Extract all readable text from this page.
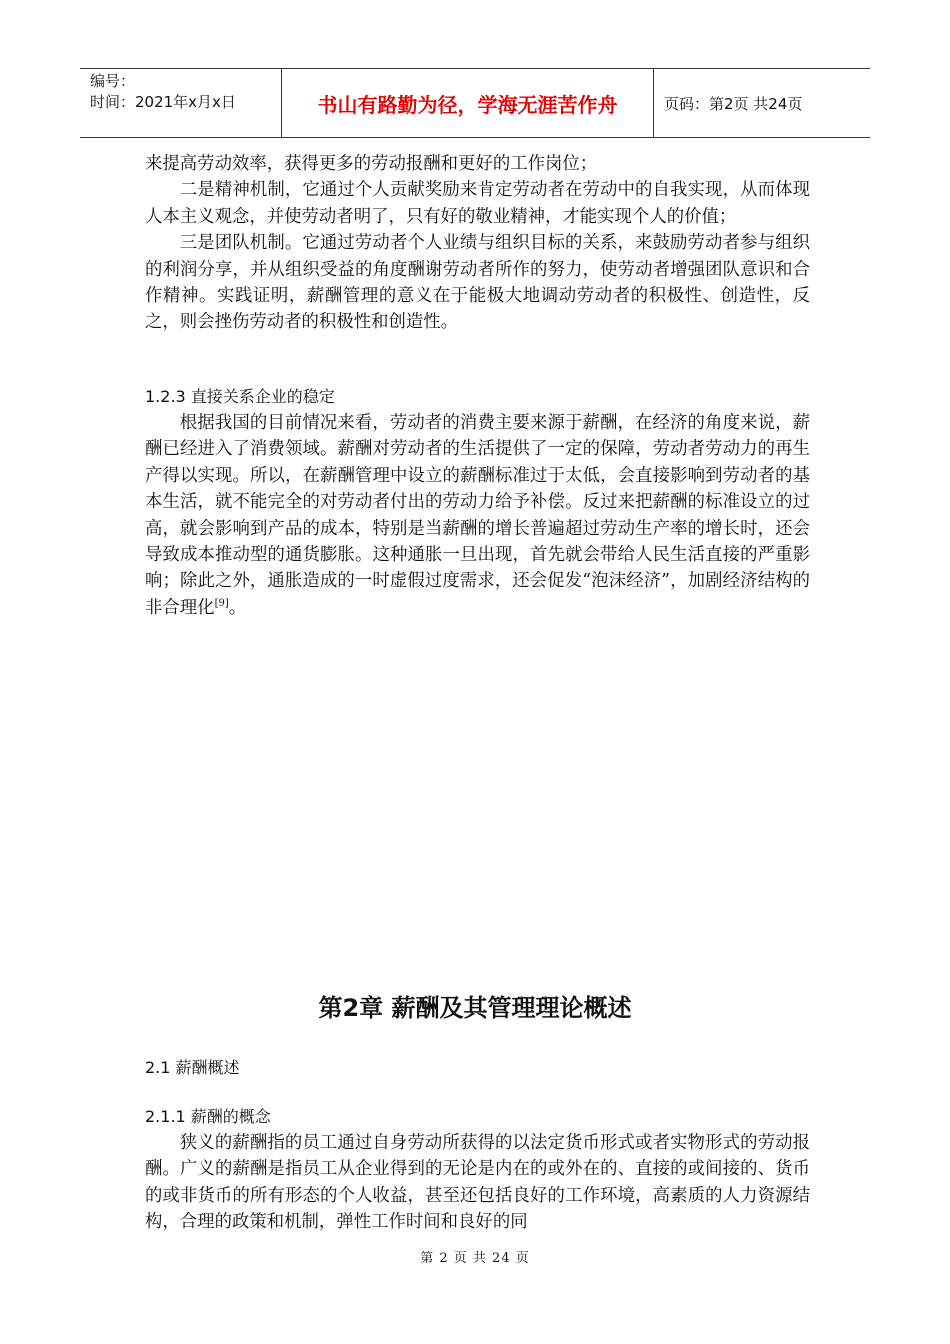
编号：
时间：2021年x月x日	书山有路勤为径，学海无涯苦作舟	页码：第2页 共24页

来提高劳动效率，获得更多的劳动报酬和更好的工作岗位；

二是精神机制，它通过个人贡献奖励来肯定劳动者在劳动中的自我实现，从而体现人本主义观念，并使劳动者明了，只有好的敬业精神，才能实现个人的价值；

三是团队机制。它通过劳动者个人业绩与组织目标的关系，来鼓励劳动者参与组织的利润分享，并从组织受益的角度酬谢劳动者所作的努力，使劳动者增强团队意识和合作精神。实践证明，薪酬管理的意义在于能极大地调动劳动者的积极性、创造性，反之，则会挫伤劳动者的积极性和创造性。

1.2.3 直接关系企业的稳定

根据我国的目前情况来看，劳动者的消费主要来源于薪酬，在经济的角度来说，薪酬已经进入了消费领域。薪酬对劳动者的生活提供了一定的保障，劳动者劳动力的再生产得以实现。所以，在薪酬管理中设立的薪酬标准过于太低，会直接影响到劳动者的基本生活，就不能完全的对劳动者付出的劳动力给予补偿。反过来把薪酬的标准设立的过高，就会影响到产品的成本，特别是当薪酬的增长普遍超过劳动生产率的增长时，还会导致成本推动型的通货膨胀。这种通胀一旦出现，首先就会带给人民生活直接的严重影响；除此之外，通胀造成的一时虚假过度需求，还会促发“泡沫经济”，加剧经济结构的非合理化[9]。

第2章 薪酬及其管理理论概述

2.1 薪酬概述

2.1.1 薪酬的概念

狭义的薪酬指的员工通过自身劳动所获得的以法定货币形式或者实物形式的劳动报酬。广义的薪酬是指员工从企业得到的无论是内在的或外在的、直接的或间接的、货币的或非货币的所有形态的个人收益，甚至还包括良好的工作环境，高素质的人力资源结构，合理的政策和机制，弹性工作时间和良好的同

第 2 页 共 24 页
